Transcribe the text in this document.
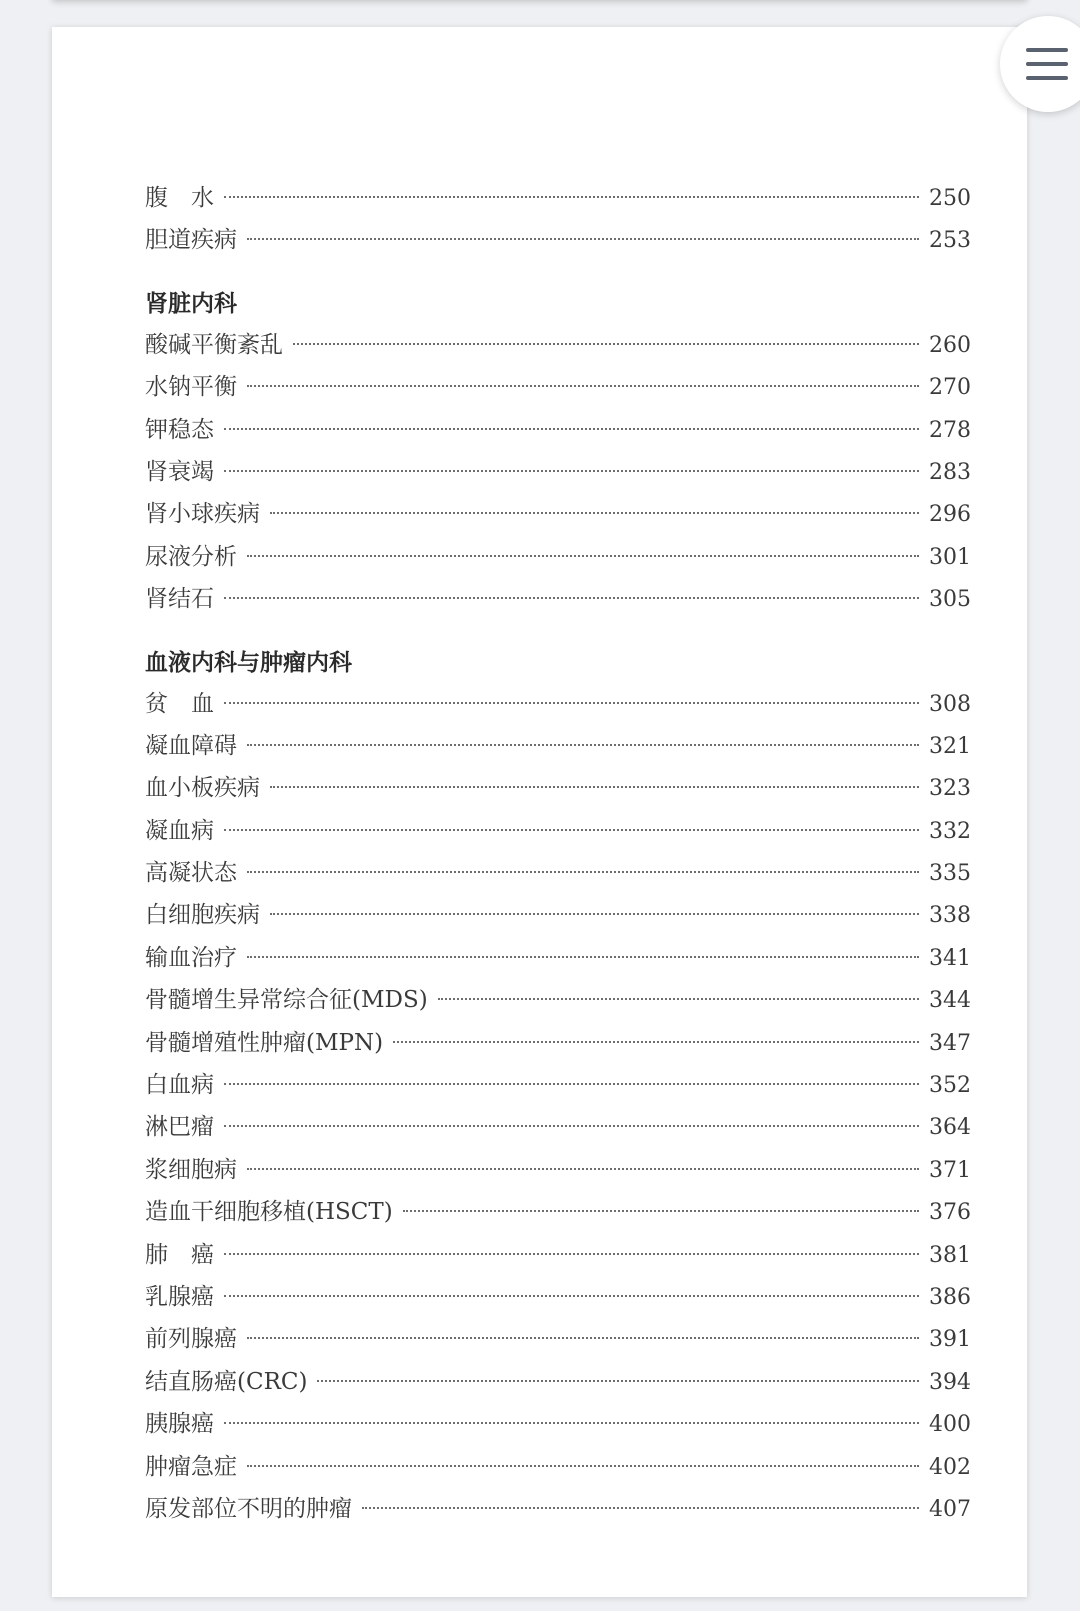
腹　水	250
胆道疾病	253
肾脏内科
酸碱平衡紊乱	260
水钠平衡	270
钾稳态	278
肾衰竭	283
肾小球疾病	296
尿液分析	301
肾结石	305
血液内科与肿瘤内科
贫　血	308
凝血障碍	321
血小板疾病	323
凝血病	332
高凝状态	335
白细胞疾病	338
输血治疗	341
骨髓增生异常综合征(MDS)	344
骨髓增殖性肿瘤(MPN)	347
白血病	352
淋巴瘤	364
浆细胞病	371
造血干细胞移植(HSCT)	376
肺　癌	381
乳腺癌	386
前列腺癌	391
结直肠癌(CRC)	394
胰腺癌	400
肿瘤急症	402
原发部位不明的肿瘤	407
